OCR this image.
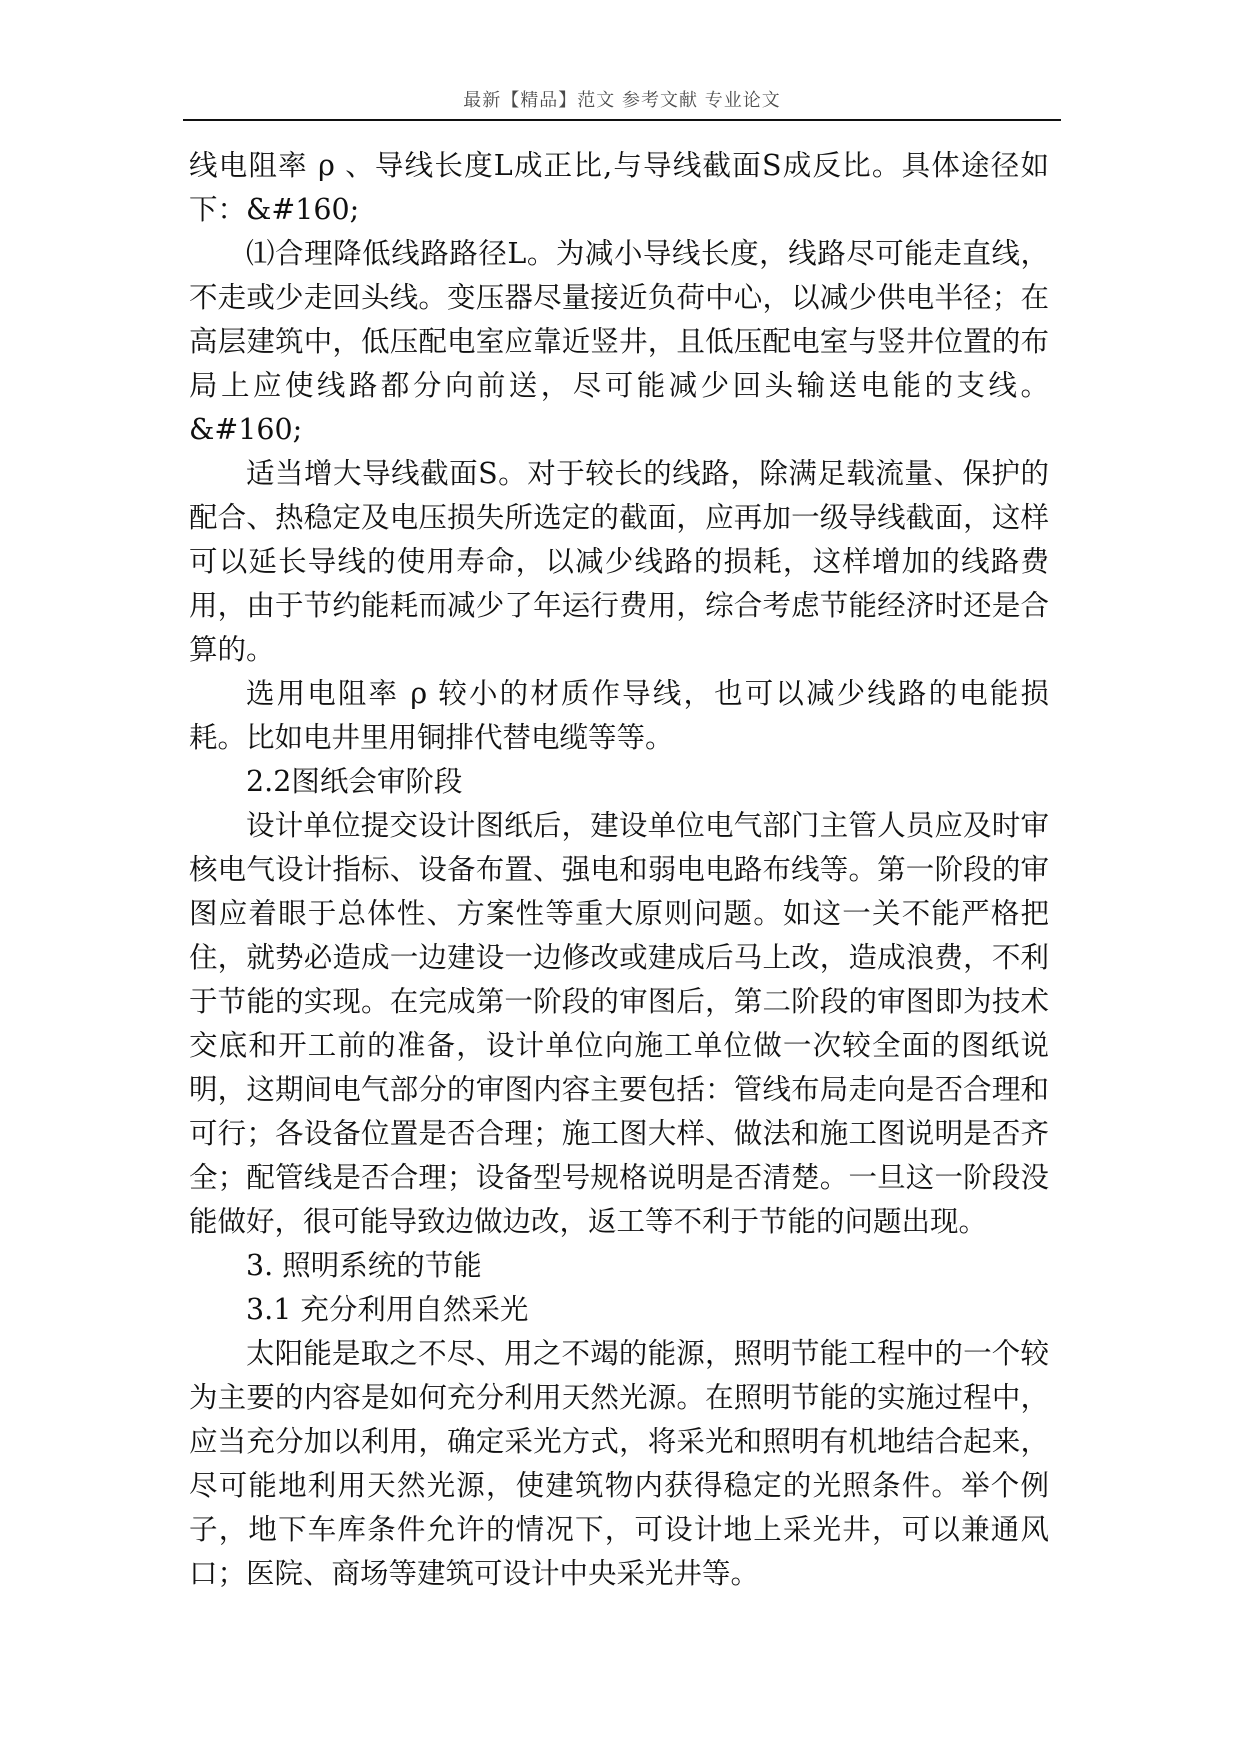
最新【精品】范文 参考文献 专业论文

线电阻率 ρ 、导线长度L成正比,与导线截面S成反比。具体途径如下：&#160;

⑴合理降低线路路径L。为减小导线长度，线路尽可能走直线，不走或少走回头线。变压器尽量接近负荷中心，以减少供电半径；在高层建筑中，低压配电室应靠近竖井，且低压配电室与竖井位置的布局上应使线路都分向前送，尽可能减少回头输送电能的支线。&#160;

适当增大导线截面S。对于较长的线路，除满足载流量、保护的配合、热稳定及电压损失所选定的截面，应再加一级导线截面，这样可以延长导线的使用寿命，以减少线路的损耗，这样增加的线路费用，由于节约能耗而减少了年运行费用，综合考虑节能经济时还是合算的。

选用电阻率 ρ 较小的材质作导线，也可以减少线路的电能损耗。比如电井里用铜排代替电缆等等。

2.2图纸会审阶段

设计单位提交设计图纸后，建设单位电气部门主管人员应及时审核电气设计指标、设备布置、强电和弱电电路布线等。第一阶段的审图应着眼于总体性、方案性等重大原则问题。如这一关不能严格把住，就势必造成一边建设一边修改或建成后马上改，造成浪费，不利于节能的实现。在完成第一阶段的审图后，第二阶段的审图即为技术交底和开工前的准备，设计单位向施工单位做一次较全面的图纸说明，这期间电气部分的审图内容主要包括：管线布局走向是否合理和可行；各设备位置是否合理；施工图大样、做法和施工图说明是否齐全；配管线是否合理；设备型号规格说明是否清楚。一旦这一阶段没能做好，很可能导致边做边改，返工等不利于节能的问题出现。

3. 照明系统的节能

3.1 充分利用自然采光

太阳能是取之不尽、用之不竭的能源，照明节能工程中的一个较为主要的内容是如何充分利用天然光源。在照明节能的实施过程中，应当充分加以利用，确定采光方式，将采光和照明有机地结合起来，尽可能地利用天然光源，使建筑物内获得稳定的光照条件。举个例子，地下车库条件允许的情况下，可设计地上采光井，可以兼通风口；医院、商场等建筑可设计中央采光井等。
